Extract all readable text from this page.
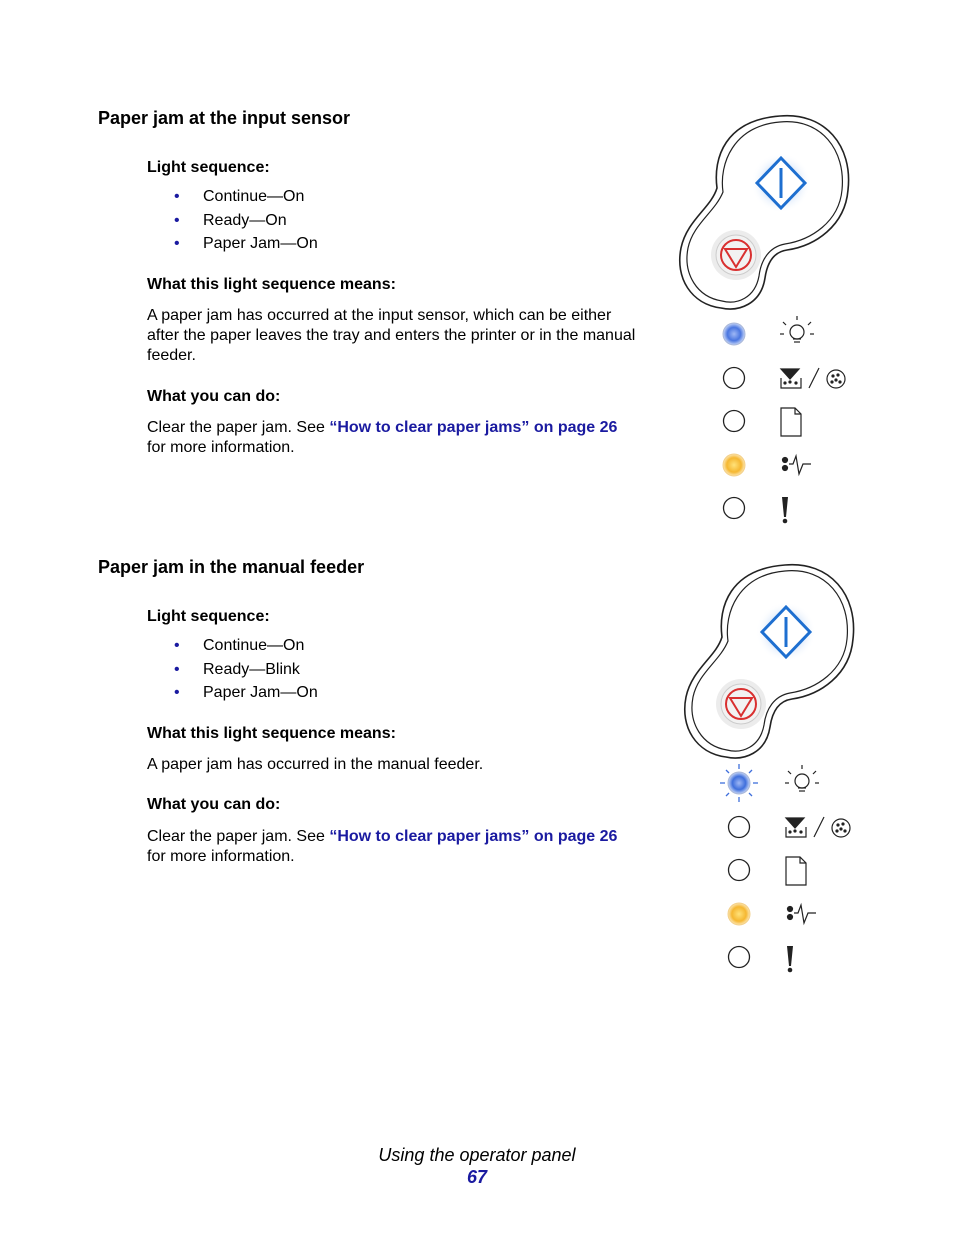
Paper jam at the input sensor
Light sequence:
• Continue—On
• Ready—On
• Paper Jam—On
What this light sequence means:
A paper jam has occurred at the input sensor, which can be either
after the paper leaves the tray and enters the printer or in the manual
feeder.
What you can do:
Clear the paper jam. See “How to clear paper jams” on page 26
for more information.
Paper jam in the manual feeder
Light sequence:
• Continue—On
• Ready—Blink
• Paper Jam—On
What this light sequence means:
A paper jam has occurred in the manual feeder.
What you can do:
Clear the paper jam. See “How to clear paper jams” on page 26
for more information.
Using the operator panel
67
